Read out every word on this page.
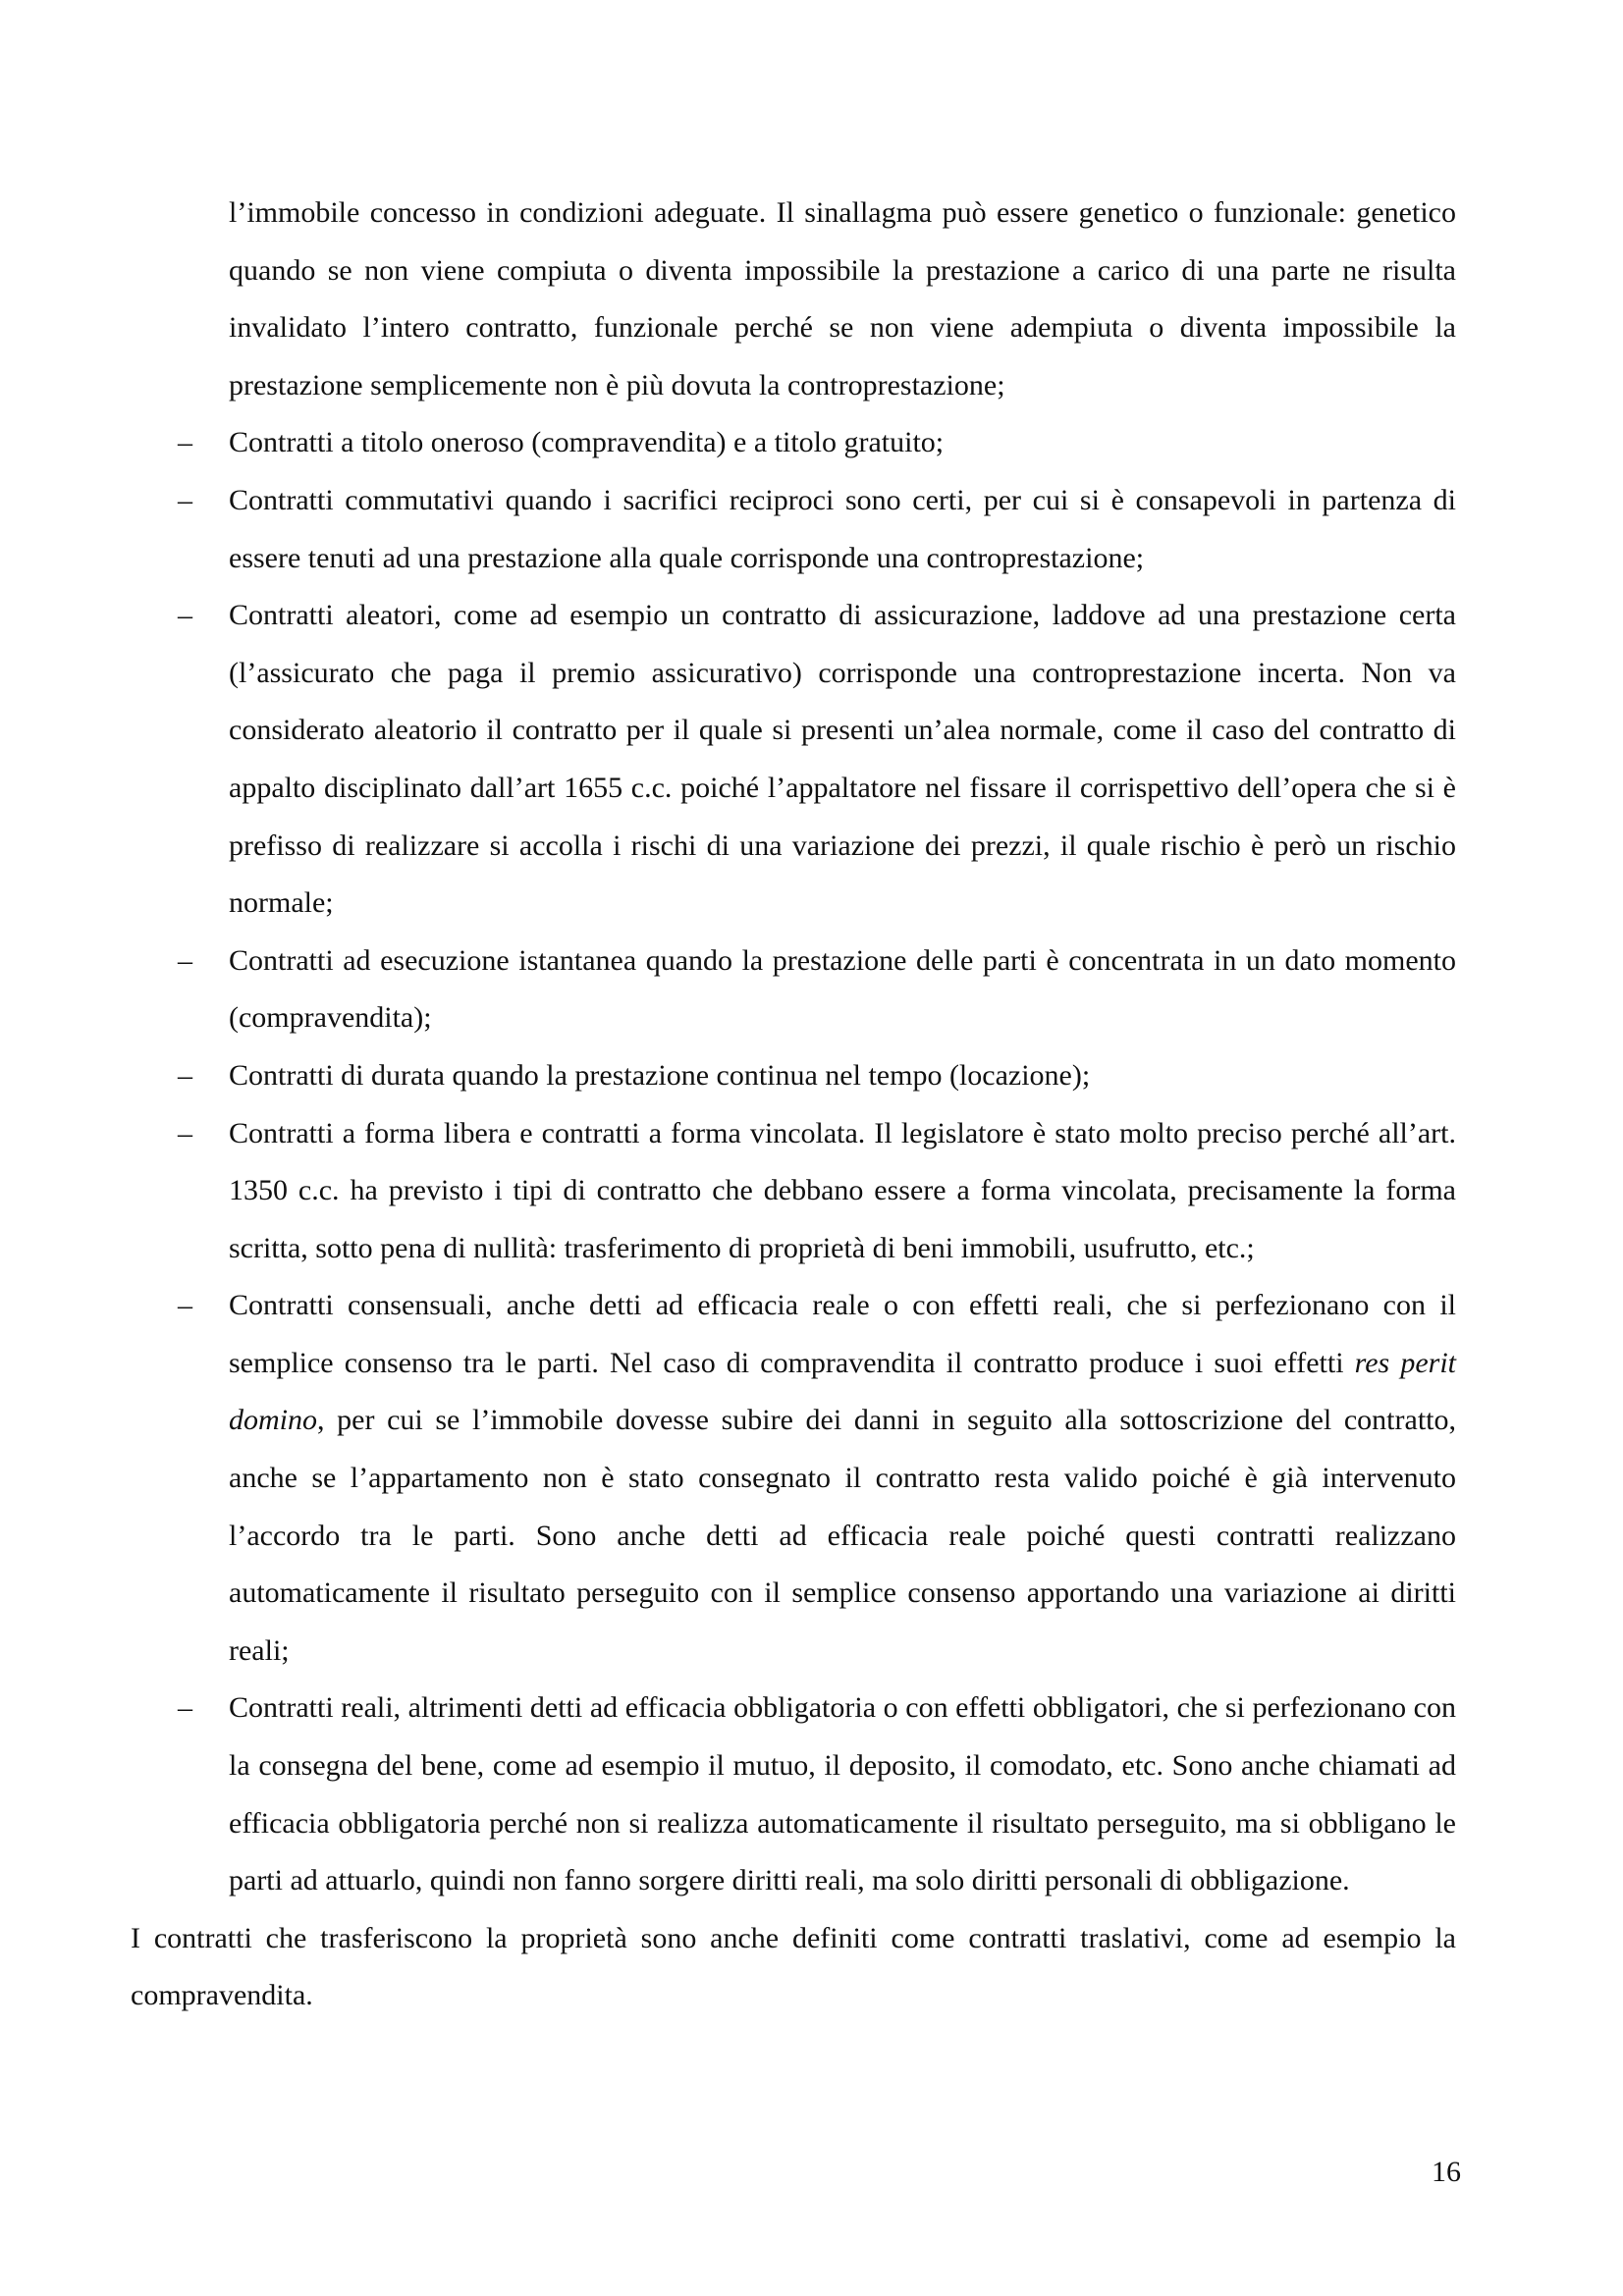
l’immobile concesso in condizioni adeguate. Il sinallagma può essere genetico o funzionale: genetico quando se non viene compiuta o diventa impossibile la prestazione a carico di una parte ne risulta invalidato l’intero contratto, funzionale perché se non viene adempiuta o diventa impossibile la prestazione semplicemente non è più dovuta la controprestazione;

– Contratti a titolo oneroso (compravendita) e a titolo gratuito;
– Contratti commutativi quando i sacrifici reciproci sono certi, per cui si è consapevoli in partenza di essere tenuti ad una prestazione alla quale corrisponde una controprestazione;
– Contratti aleatori, come ad esempio un contratto di assicurazione, laddove ad una prestazione certa (l’assicurato che paga il premio assicurativo) corrisponde una controprestazione incerta. Non va considerato aleatorio il contratto per il quale si presenti un’alea normale, come il caso del contratto di appalto disciplinato dall’art 1655 c.c. poiché l’appaltatore nel fissare il corrispettivo dell’opera che si è prefisso di realizzare si accolla i rischi di una variazione dei prezzi, il quale rischio è però un rischio normale;
– Contratti ad esecuzione istantanea quando la prestazione delle parti è concentrata in un dato momento (compravendita);
– Contratti di durata quando la prestazione continua nel tempo (locazione);
– Contratti a forma libera e contratti a forma vincolata. Il legislatore è stato molto preciso perché all’art. 1350 c.c. ha previsto i tipi di contratto che debbano essere a forma vincolata, precisamente la forma scritta, sotto pena di nullità: trasferimento di proprietà di beni immobili, usufrutto, etc.;
– Contratti consensuali, anche detti ad efficacia reale o con effetti reali, che si perfezionano con il semplice consenso tra le parti. Nel caso di compravendita il contratto produce i suoi effetti res perit domino, per cui se l’immobile dovesse subire dei danni in seguito alla sottoscrizione del contratto, anche se l’appartamento non è stato consegnato il contratto resta valido poiché è già intervenuto l’accordo tra le parti. Sono anche detti ad efficacia reale poiché questi contratti realizzano automaticamente il risultato perseguito con il semplice consenso apportando una variazione ai diritti reali;
– Contratti reali, altrimenti detti ad efficacia obbligatoria o con effetti obbligatori, che si perfezionano con la consegna del bene, come ad esempio il mutuo, il deposito, il comodato, etc. Sono anche chiamati ad efficacia obbligatoria perché non si realizza automaticamente il risultato perseguito, ma si obbligano le parti ad attuarlo, quindi non fanno sorgere diritti reali, ma solo diritti personali di obbligazione.

I contratti che trasferiscono la proprietà sono anche definiti come contratti traslativi, come ad esempio la compravendita.

16
